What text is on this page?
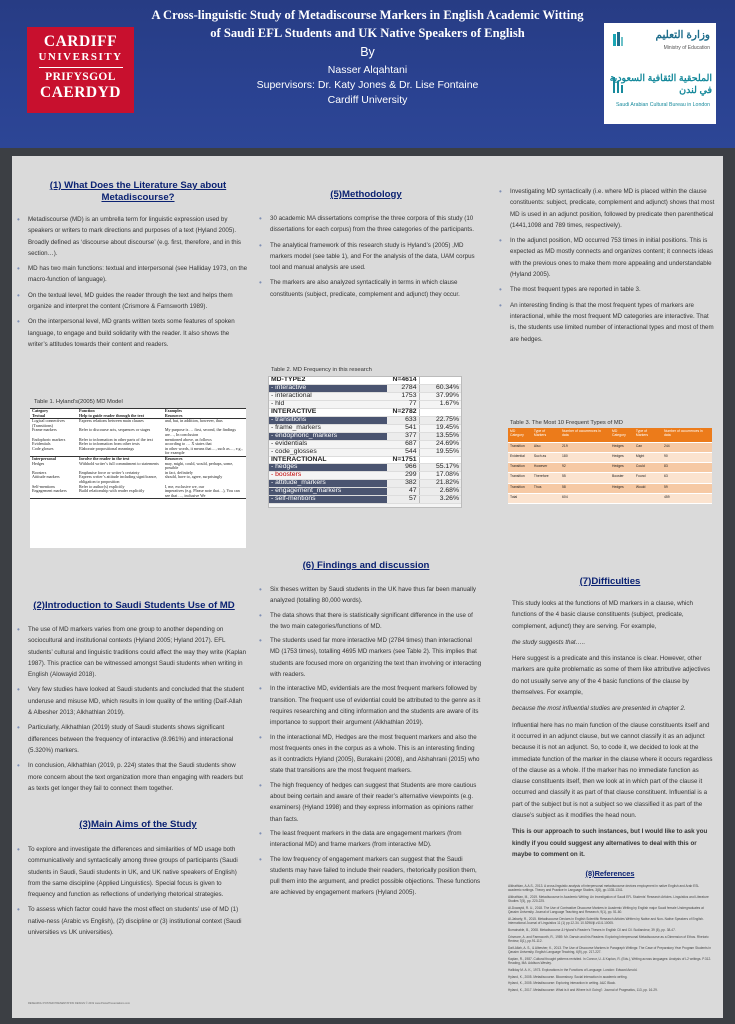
CARDIFF
UNIVERSITY
PRIFYSGOL
CAERDYD
A Cross-linguistic Study of Metadiscourse Markers in English Academic Witting
of Saudi EFL Students and UK Native Speakers of English
By
Nasser Alqahtani
Supervisors: Dr. Katy Jones & Dr. Lise Fontaine
Cardiff University
وزارة التعليم
Ministry of Education
الملحقية الثقافية السعودية في لندن
Saudi Arabian Cultural Bureau in London
(1) What Does the Literature Say about Metadiscourse?
• Metadiscourse (MD) is an umbrella term for linguistic expression used by speakers or writers to mark directions and purposes of a text (Hyland 2005). Broadly defined as ‘discourse about discourse’ (e.g. first, therefore, and in this section…).
• MD has two main functions: textual and interpersonal (see Halliday 1973, on the macro-function of language).
• On the textual level, MD guides the reader through the text and helps them organize and interpret the content (Crismore & Farnsworth 1989).
• On the interpersonal level, MD grants written texts some features of spoken language, to engage and build solidarity with the reader. It also shows the writer’s attitudes towards their content and readers.
Table 1. Hyland’s(2005) MD Model
Category	Function	Examples
Textual	Help to guide reader through the text	Resources
Logical connectives (Transitions)	Express relations between main clauses	and, but, in addition, however, thus
Frame markers	Refer to discourse acts, sequences or stages	My purpose is … first, second, the findings are…, In conclusion
Endophoric markers	Refer to information in other parts of the text	mentioned above, as follows
Evidentials	Refer to information from other texts	according to … X states that
Code glosses	Elaborate propositional meanings	in other words, it means that…, such as…, e.g., for example
Interpersonal	Involve the reader in the text	Resources
Hedges	Withhold writer’s full commitment to statements	may, might, could, would, perhaps, some, possible
Boosters	Emphasise force or writer’s certainty	in fact, definitely
Attitude markers	Express writer’s attitude including significance, obligation to proposition	should, have to, agree, surprisingly
Self-mentions	Refer to author(s) explicitly	I, me, exclusive we, our
Engagement markers	Build relationship with reader explicitly	imperatives (e.g. Please note that…), You can see that …, inclusive We
(2)Introduction to Saudi Students Use of MD
• The use of MD markers varies from one group to another depending on sociocultural and institutional contexts (Hyland 2005; Hyland 2017). EFL students’ cultural and linguistic traditions could affect the way they write (Kaplan 1987). This practice can be witnessed amongst Saudi students when writing in English (Alowayid 2018).
• Very few studies have looked at Saudi students and concluded that the student underuse and misuse MD, which results in low quality of the writing (Daif-Allah & Albesher 2013; Alkhathlan 2019).
• Particularly, Alkhathlan (2019) study of Saudi students shows significant differences between the frequency of interactive (8.961%) and interactional (5.320%) markers.
• In conclusion, Alkhathlan (2019, p. 224) states that the Saudi students show more concern about the text organization more than engaging with readers but as texts get longer they fail to connect them together.
(3)Main Aims of the Study
• To explore and investigate the differences and similarities of MD usage both communicatively and syntactically among three groups of participants (Saudi students in Saudi, Saudi students in UK, and UK native speakers of English) from the same discipline (Applied Linguistics). Special focus is given to frequency and function as reflections of underlying rhetorical strategies.
• To assess which factor could have the most effect on students’ use of MD (1) native-ness (Arabic vs English), (2) discipline or (3) institutional context (Saudi universities vs UK universities).
RESEARCH POSTER PRESENTATION DESIGN © 2019 www.PosterPresentations.com
(5)Methodology
• 30 academic MA dissertations comprise the three corpora of this study (10 dissertations for each corpus) from the three categories of the participants.
• The analytical framework of this research study is Hyland’s (2005) ,MD markers model (see table 1), and For the analysis of the data, UAM corpus tool and manual analysis are used.
• The markers are also analyzed syntactically in terms in which clause constituents (subject, predicate, complement and adjunct) they occur.
Table 2. MD Frequency in this research
MD-TYPE2	N=4614	
- interactive	2784	60.34%
- interactional	1753	37.99%
- hld	77	1.67%
INTERACTIVE	N=2782	
- transitions	633	22.75%
- frame_markers	541	19.45%
- endophoric_markers	377	13.55%
- evidentials	687	24.69%
- code_glosses	544	19.55%
INTERACTIONAL	N=1751	
- hedges	966	55.17%
- boosters	299	17.08%
- attitude_markers	382	21.82%
- engagement_markers	47	2.68%
- self-mentions	57	3.26%
(6) Findings and discussion
• Six theses written by Saudi students in the UK have thus far been manually analyzed (totalling 80,000 words).
• The data shows that there is statistically significant difference in the use of the two main categories/functions of MD.
• The students used far more interactive MD (2784 times) than interactional MD (1753 times), totalling 4695 MD markers (see Table 2). This implies that students are focused more on organizing the text than involving or interacting with readers.
• In the interactive MD, evidentials are the most frequent markers followed by transition. The frequent use of evidential could be attributed to the genre as it requires researching and citing information and the students are aware of its importance to support their argument (Alkhathlan 2019).
• In the interactional MD, Hedges are the most frequent markers and also the most frequents ones in the corpus as a whole. This is an interesting finding as it contradicts Hyland (2005), Burakaini (2008), and Alshahrani (2015) who state that transitions are the most frequent markers.
• The high frequency of hedges can suggest that Students are more cautious about being certain and aware of their reader’s alternative viewpoints (e.g. examiners) (Hyland 1998) and they express information as opinions rather than facts.
• The least frequent markers in the data are engagement markers (from interactional MD) and frame markers (from interactive MD).
• The low frequency of engagement markers can suggest that the Saudi students may have failed to include their readers, rhetorically position them, pull them into the argument, and predict possible objections. These functions are achieved by engagement markers (Hyland 2005).
• Investigating MD syntactically (i.e. where MD is placed within the clause constituents: subject, predicate, complement and adjunct) shows that most MD is used in an adjunct position, followed by predicate then parenthetical (1441,1098 and 789 times, respectively).
• In the adjunct position, MD occurred 753 times in initial positions. This is expected as MD mostly connects and organizes content; it connects ideas with the previous ones to make them more appealing and understandable (Hyland 2005).
• The most frequent types are reported in table 3.
• An interesting finding is that the most frequent types of markers are interactional, while the most frequent MD categories are interactive. That is, the students use limited number of interactional types and most of them are hedges.
Table 3. The Most 10 Frequent Types of MD
MD Category	Type of Markers	Number of occurrences in data	MD Category	Type of Markers	Number of occurrences in data
Transition	Also	219	Hedges	Can	244
Evidential	Such as	180	Hedges	Might	90
Transition	However	92	Hedges	Could	83
Transition	Therefore	55	Booster	Found	63
Transition	Thus	58	Hedges	Would	59
Total		604			459
(7)Difficulties
This study looks at the functions of MD markers in a clause, which functions of the 4 basic clause constituents (subject, predicate, complement, adjunct) they are serving. For example,
the study suggests that…..
Here suggest is a predicate and this instance is clear. However, other markers are quite problematic as some of them like attributive adjectives do not usually serve any of the 4 basic functions of the clause by themselves. For example,
because the most influential studies are presented in chapter 2.
Influential here has no main function of the clause constituents itself and it occurred in an adjunct clause, but we cannot classify it as an adjunct because it is not an adjunct. So, to code it, we decided to look at the immediate function of the marker in the clause where it occurs regardless of the clause as a whole. If the marker has no immediate function as clause constituents itself, then we look at in which part of the clause it occurred and classify it as part of that clause constituent. Influential is a part of the subject but is not a subject so we classified it as part of the clause’s subject as it modifies the head noun.
This is our approach to such instances, but I would like to ask you kindly if you could suggest any alternatives to deal with this or maybe to comment on it.
(8)References
Alkhathlan, A.A.S., 2013. A cross-linguistic analysis of interpersonal metadiscourse devices employment in native English and Arab ESL academic writings. Theory and Practice in Language Studies, 3(8), pp.1335-1341.
Alkhathlan, M., 2019. Metadiscourse in Academic Writing: An Investigation of Saudi EFL Students' Research Articles. Linguistics and Literature Studies 7(5), pp. 220-225.
Al-Dowayid, R. U., 2018. The Use of Contrastive Discourse Markers in Academic Writing by English major Saudi female Undergraduates at Qassim University. Journal of Language Teaching and Research, 9(1), pp. 51-60.
Al-Jabarty, R., 2015. Metadiscourse Devices in English Scientific Research Articles Written by Native and Non- Native Speakers of English. International Journal of Linguistics 11 (1) pp.12-34. 10.5296/ijl.v11i1.10005.
Burrainable, B., 2008. Metadiscourse & Hyland’s Reader’s Theses in English Cil and Cil. Sudlandeur, 39 (6), pp. 38-47.
Crismore, A. and Farnsworth, R., 1989. Mr. Darwin and his Readers: Exploring Interpersonal Metadiscourse as a Dimension of Ethos. Rhetoric Review, 8(1), pp.91-112.
Daif-Allah, A. S., & Albesher, K., 2013. The Use of Discourse Markers in Paragraph Writings: The Case of Preparatory Year Program Students in Qassim University. English Language Teaching, 6(9), pp. 217-227.
Kaplan, R., 1987. Cultural thought patterns revisited. In Connor, U. & Kaplan, R. (Eds.), Writing across languages: Analysis of L2 writings. P.312. Reading, MA: Addison-Wesley.
Halliday M. A. K., 1973. Explorations in the Functions of Language. London: Edward Arnold.
Hyland, K., 2005. Metadiscourse. Bloomsbury. Social interaction in academic writing.
Hyland, K., 2005. Metadiscourse: Exploring interaction in writing. A&C Black.
Hyland, K., 2017. Metadiscourse: What is it and Where is it Going?. Journal of Pragmatics, 113, pp. 16-29.
